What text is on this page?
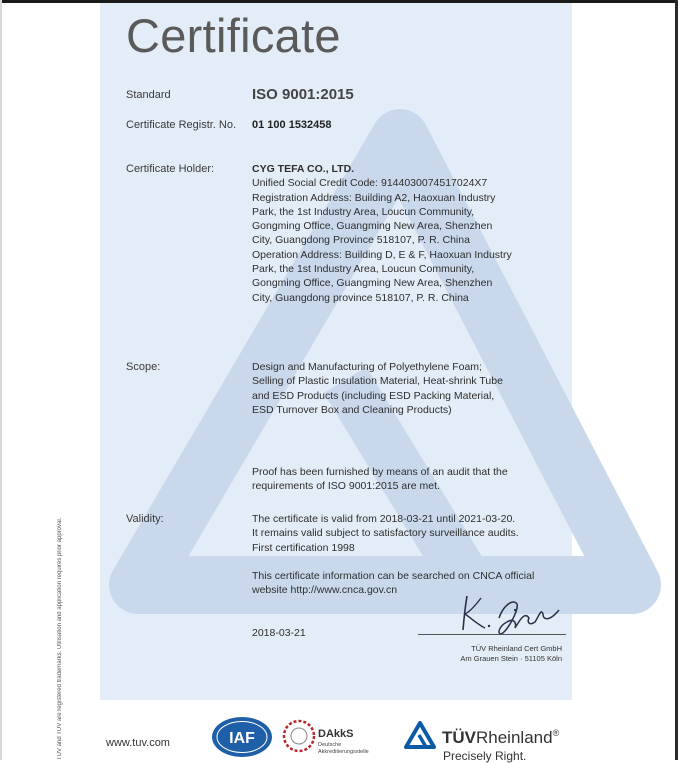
Certificate
Standard	ISO 9001:2015
Certificate Registr. No. 01 100 1532458
Certificate Holder:	CYG TEFA CO., LTD.
Unified Social Credit Code: 9144030074517024X7
Registration Address: Building A2, Haoxuan Industry
Park, the 1st Industry Area, Loucun Community,
Gongming Office, Guangming New Area, Shenzhen
City, Guangdong Province 518107, P. R. China
Operation Address: Building D, E & F, Haoxuan Industry
Park, the 1st Industry Area, Loucun Community,
Gongming Office, Guangming New Area, Shenzhen
City, Guangdong province 518107, P. R. China
Scope:	Design and Manufacturing of Polyethylene Foam;
Selling of Plastic Insulation Material, Heat-shrink Tube
and ESD Products (including ESD Packing Material,
ESD Turnover Box and Cleaning Products)
Proof has been furnished by means of an audit that the
requirements of ISO 9001:2015 are met.
Validity:	The certificate is valid from 2018-03-21 until 2021-03-20.
It remains valid subject to satisfactory surveillance audits.
First certification 1998
This certificate information can be searched on CNCA official
website http://www.cnca.gov.cn
2018-03-21
TÜV Rheinland Cert GmbH
Am Grauen Stein · 51105 Köln
TÜV and TUV are registered trademarks. Utilisation and application requires prior approval.	www.tuv.com	IAF	DAkkS
Deutsche
Akkreditierungsstelle
TÜVRheinland®
Precisely Right.
